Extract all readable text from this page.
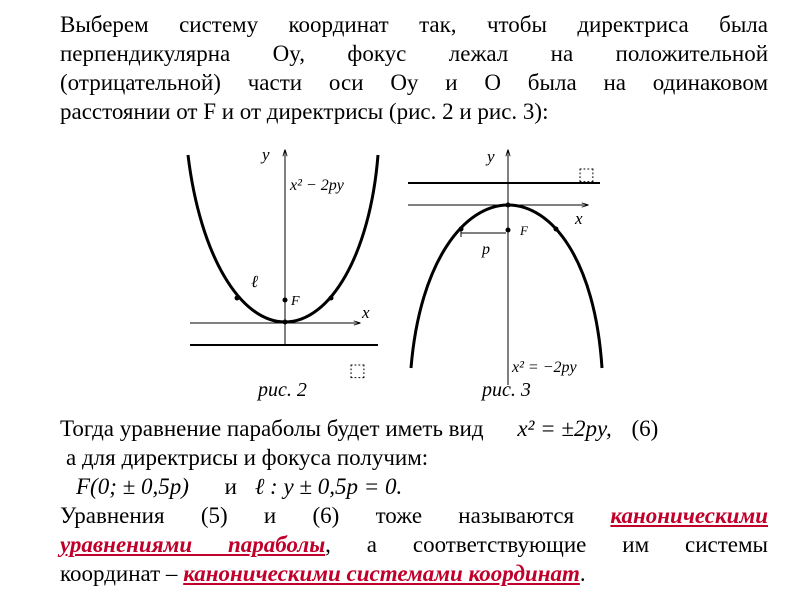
Выберем систему координат так, чтобы директриса была
перпендикулярна Oy, фокус лежал на положительной
(отрицательной) части оси Oy и O была на одинаковом
расстоянии от F и от директрисы (рис. 2 и рис. 3):
y
x
x² − 2py
F
ℓ
рис. 2
⬚
y
x
F
p
x² = −2py
рис. 3
⬚
Тогда уравнение параболы будет иметь вид x² = ±2py, (6)
а для директрисы и фокуса получим:
F(0; ± 0,5p) и ℓ : y ± 0,5p = 0.
Уравнения (5) и (6) тоже называются каноническими
уравнениями параболы, а соответствующие им системы
координат – каноническими системами координат.
